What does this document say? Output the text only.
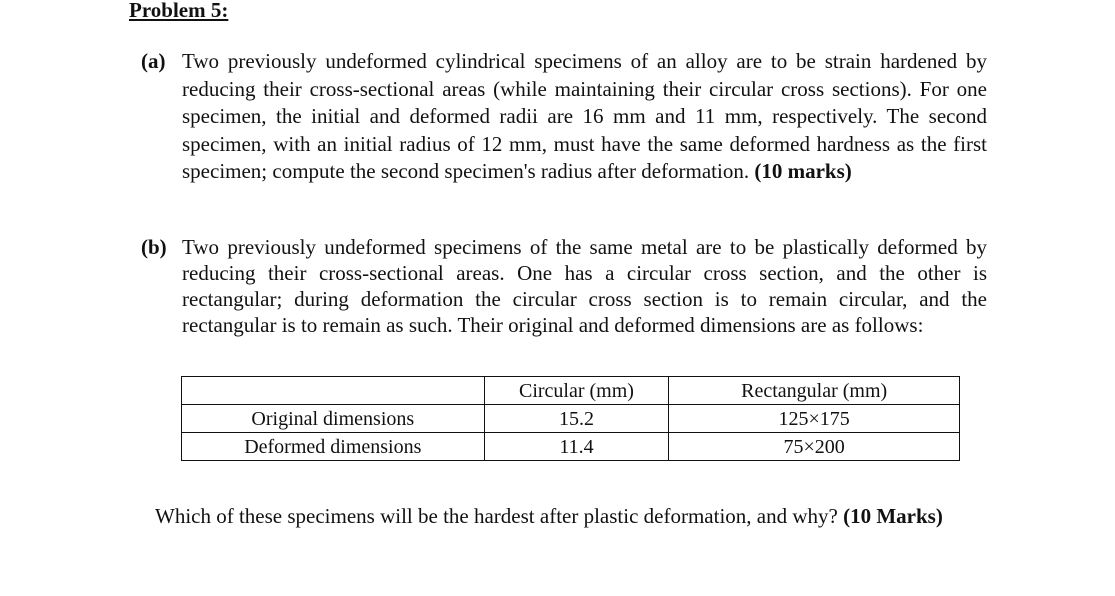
Problem 5:
(a) Two previously undeformed cylindrical specimens of an alloy are to be strain hardened by reducing their cross-sectional areas (while maintaining their circular cross sections). For one specimen, the initial and deformed radii are 16 mm and 11 mm, respectively. The second specimen, with an initial radius of 12 mm, must have the same deformed hardness as the first specimen; compute the second specimen's radius after deformation. (10 marks)
(b) Two previously undeformed specimens of the same metal are to be plastically deformed by reducing their cross-sectional areas. One has a circular cross section, and the other is rectangular; during deformation the circular cross section is to remain circular, and the rectangular is to remain as such. Their original and deformed dimensions are as follows:
	Circular (mm)	Rectangular (mm)
Original dimensions	15.2	125×175
Deformed dimensions	11.4	75×200
Which of these specimens will be the hardest after plastic deformation, and why? (10 Marks)
